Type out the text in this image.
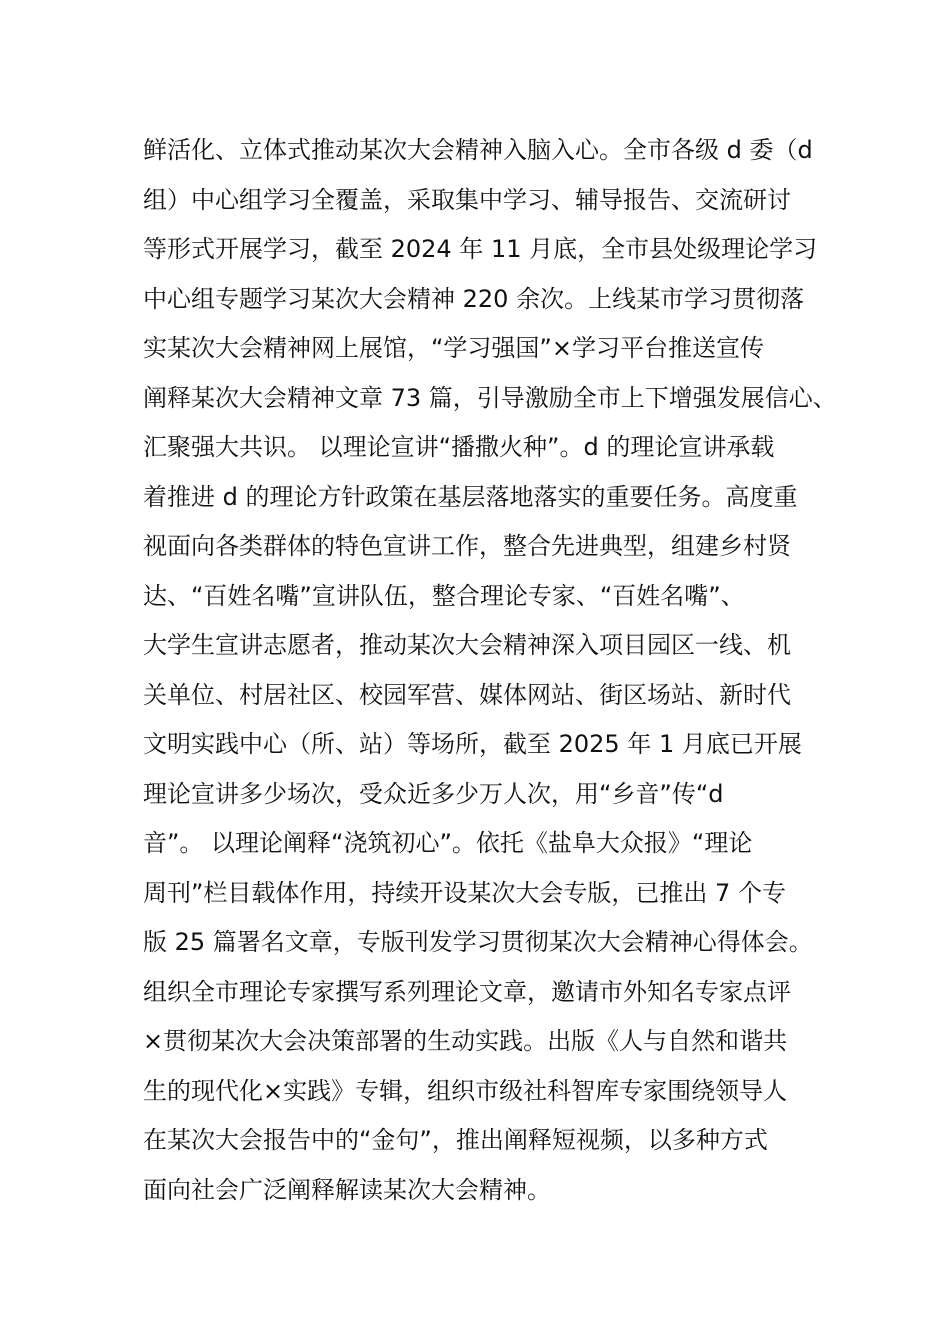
鲜活化、立体式推动某次大会精神入脑入心。全市各级 d 委（d
组）中心组学习全覆盖，采取集中学习、辅导报告、交流研讨
等形式开展学习，截至 2024 年 11 月底，全市县处级理论学习
中心组专题学习某次大会精神 220 余次。上线某市学习贯彻落
实某次大会精神网上展馆，“学习强国”×学习平台推送宣传
阐释某次大会精神文章 73 篇，引导激励全市上下增强发展信心、
汇聚强大共识。 以理论宣讲“播撒火种”。d 的理论宣讲承载
着推进 d 的理论方针政策在基层落地落实的重要任务。高度重
视面向各类群体的特色宣讲工作，整合先进典型，组建乡村贤
达、“百姓名嘴”宣讲队伍，整合理论专家、“百姓名嘴”、
大学生宣讲志愿者，推动某次大会精神深入项目园区一线、机
关单位、村居社区、校园军营、媒体网站、街区场站、新时代
文明实践中心（所、站）等场所，截至 2025 年 1 月底已开展
理论宣讲多少场次，受众近多少万人次，用“乡音”传“d
音”。 以理论阐释“浇筑初心”。依托《盐阜大众报》“理论
周刊”栏目载体作用，持续开设某次大会专版，已推出 7 个专
版 25 篇署名文章，专版刊发学习贯彻某次大会精神心得体会。
组织全市理论专家撰写系列理论文章，邀请市外知名专家点评
×贯彻某次大会决策部署的生动实践。出版《人与自然和谐共
生的现代化×实践》专辑，组织市级社科智库专家围绕领导人
在某次大会报告中的“金句”，推出阐释短视频，以多种方式
面向社会广泛阐释解读某次大会精神。
